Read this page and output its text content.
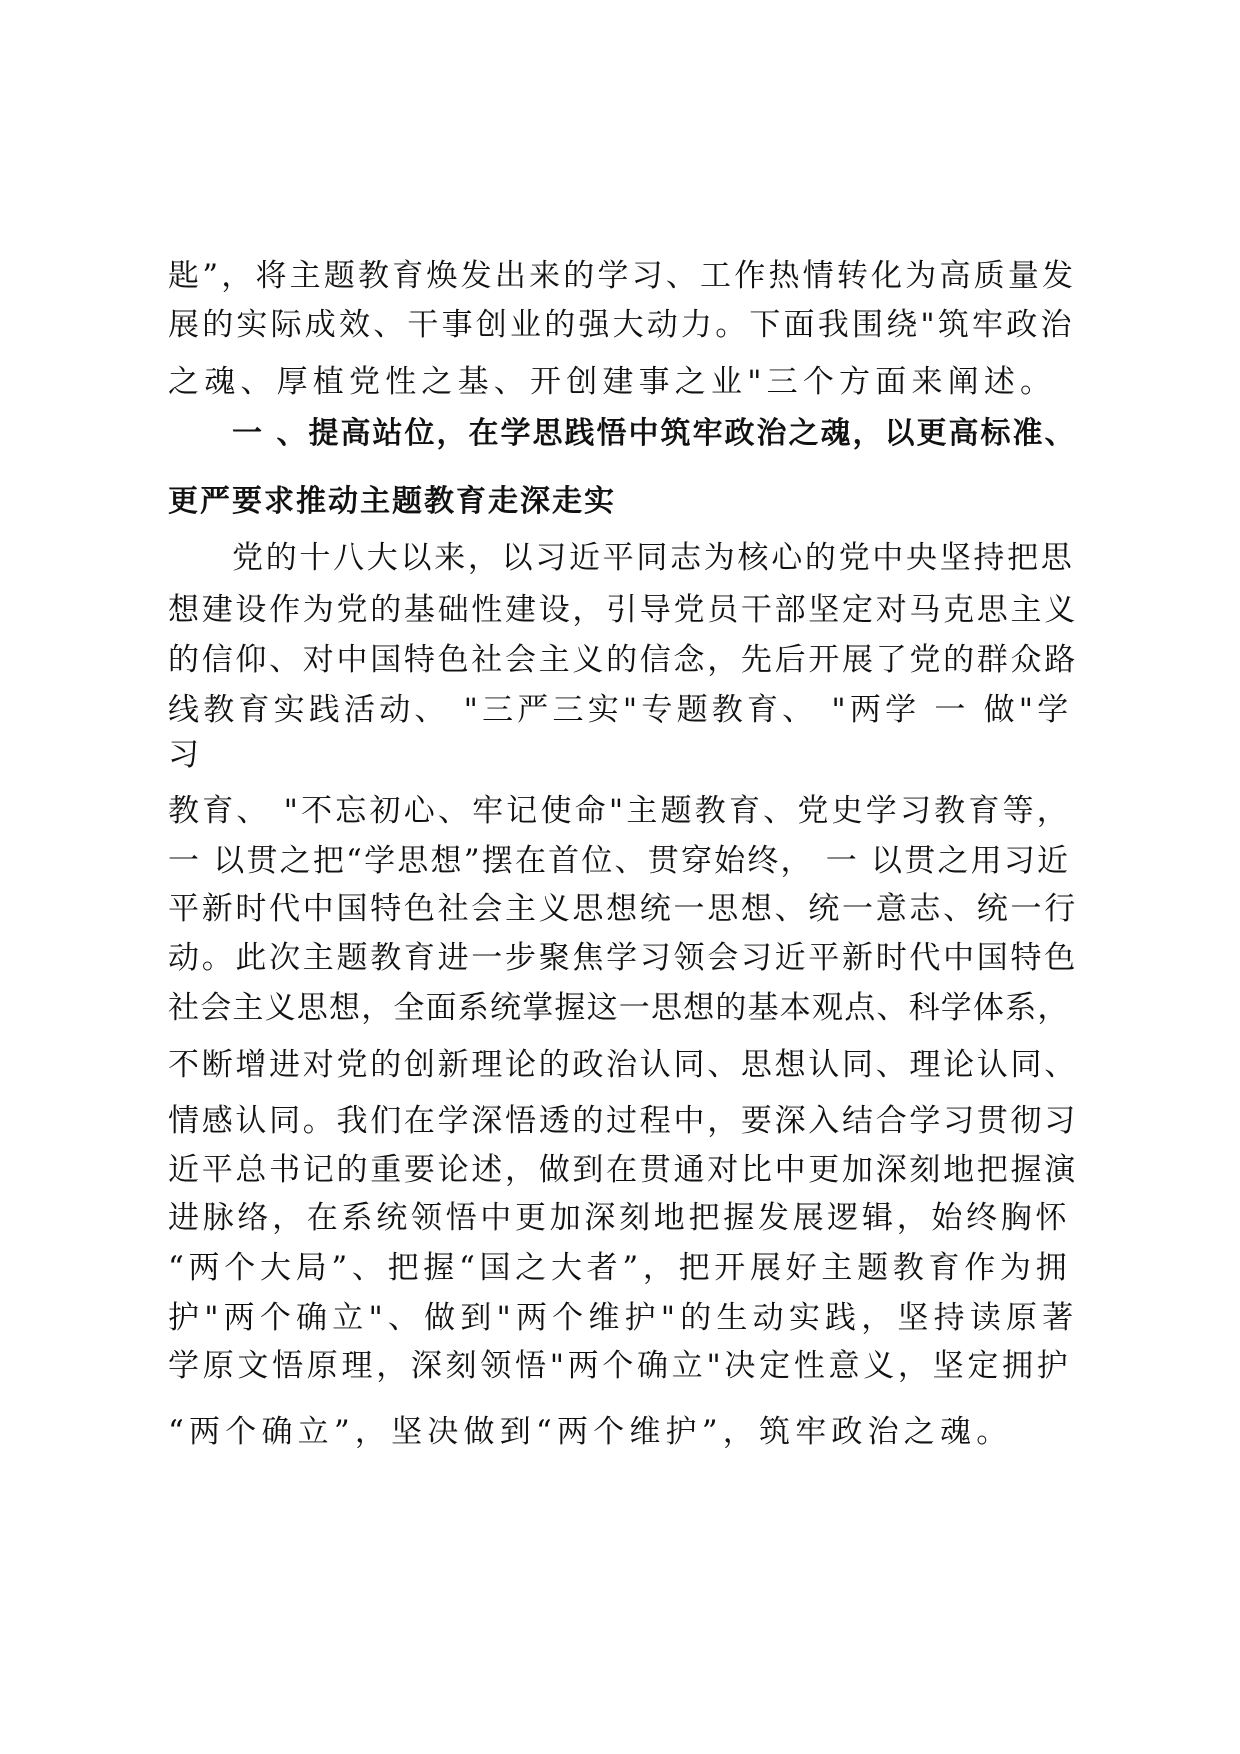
匙”，将主题教育焕发出来的学习、工作热情转化为高质量发
展的实际成效、干事创业的强大动力。下面我围绕"筑牢政治
之魂、厚植党性之基、开创建事之业"三个方面来阐述。
一 、提高站位，在学思践悟中筑牢政治之魂，以更高标准、
更严要求推动主题教育走深走实
党的十八大以来，以习近平同志为核心的党中央坚持把思
想建设作为党的基础性建设，引导党员干部坚定对马克思主义
的信仰、对中国特色社会主义的信念，先后开展了党的群众路
线教育实践活动、 "三严三实"专题教育、 "两学 一 做"学
习
教育、 "不忘初心、牢记使命"主题教育、党史学习教育等，
一 以贯之把“学思想”摆在首位、贯穿始终， 一 以贯之用习近
平新时代中国特色社会主义思想统一思想、统一意志、统一行
动。此次主题教育进一步聚焦学习领会习近平新时代中国特色
社会主义思想，全面系统掌握这一思想的基本观点、科学体系，
不断增进对党的创新理论的政治认同、思想认同、理论认同、
情感认同。我们在学深悟透的过程中，要深入结合学习贯彻习
近平总书记的重要论述，做到在贯通对比中更加深刻地把握演
进脉络，在系统领悟中更加深刻地把握发展逻辑，始终胸怀
“两个大局”、把握“国之大者”，把开展好主题教育作为拥
护"两个确立"、做到"两个维护"的生动实践，坚持读原著
学原文悟原理，深刻领悟"两个确立"决定性意义，坚定拥护
“两个确立”，坚决做到“两个维护”，筑牢政治之魂。
